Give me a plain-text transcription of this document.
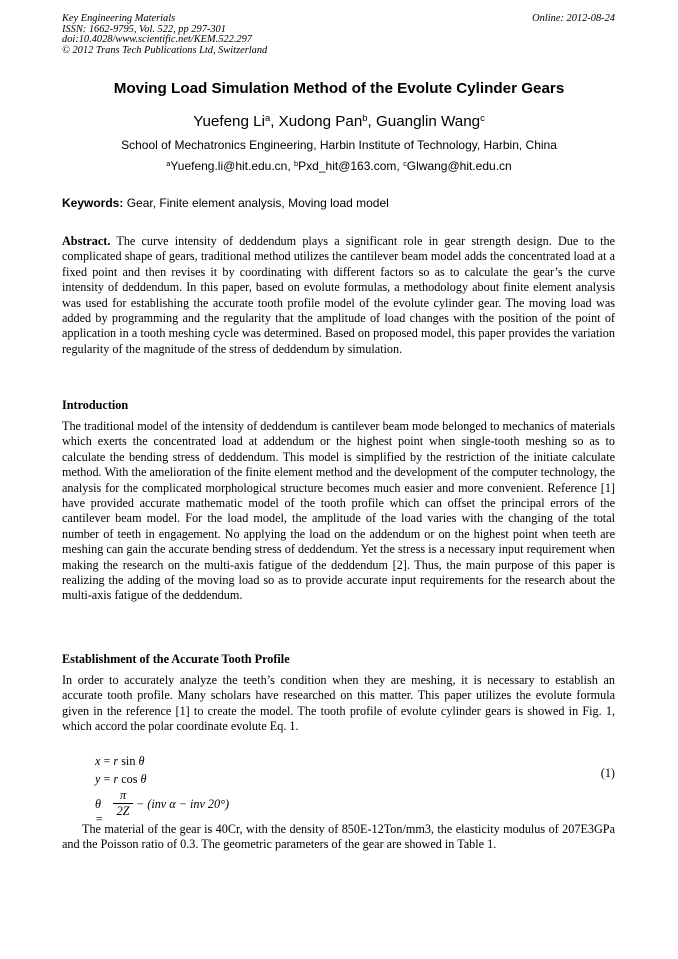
Key Engineering Materials
ISSN: 1662-9795, Vol. 522, pp 297-301
doi:10.4028/www.scientific.net/KEM.522.297
© 2012 Trans Tech Publications Ltd, Switzerland
Online: 2012-08-24
Moving Load Simulation Method of the Evolute Cylinder Gears
Yuefeng Li$^a$, Xudong Pan$^b$, Guanglin Wang$^c$
School of Mechatronics Engineering, Harbin Institute of Technology, Harbin, China
$^a$Yuefeng.li@hit.edu.cn, $^b$Pxd_hit@163.com, $^c$Glwang@hit.edu.cn
Keywords: Gear, Finite element analysis, Moving load model
Abstract. The curve intensity of deddendum plays a significant role in gear strength design. Due to the complicated shape of gears, traditional method utilizes the cantilever beam model adds the concentrated load at a fixed point and then revises it by coordinating with different factors so as to calculate the gear’s the curve intensity of deddendum. In this paper, based on evolute formulas, a methodology about finite element analysis was used for establishing the accurate tooth profile model of the evolute cylinder gear. The moving load was added by programming and the regularity that the amplitude of load changes with the position of the point of application in a tooth meshing cycle was determined. Based on proposed model, this paper provides the variation regularity of the magnitude of the stress of deddendum by simulation.
Introduction
The traditional model of the intensity of deddendum is cantilever beam mode belonged to mechanics of materials which exerts the concentrated load at addendum or the highest point when single-tooth meshing so as to calculate the bending stress of deddendum. This model is simplified by the restriction of the initiate calculate method. With the amelioration of the finite element method and the development of the computer technology, the analysis for the complicated morphological structure becomes much easier and more convenient. Reference [1] have provided accurate mathematic model of the tooth profile which can offset the principal errors of the cantilever beam model. For the load model, the amplitude of the load varies with the changing of the total number of teeth in engagement. No applying the load on the addendum or on the highest point when teeth are meshing can gain the accurate bending stress of deddendum. Yet the stress is a necessary input requirement when making the research on the multi-axis fatigue of the deddendum [2]. Thus, the main purpose of this paper is realizing the adding of the moving load so as to provide accurate input requirements for the research about the multi-axis fatigue of the deddendum.
Establishment of the Accurate Tooth Profile
In order to accurately analyze the teeth’s condition when they are meshing, it is necessary to establish an accurate tooth profile. Many scholars have researched on this matter. This paper utilizes the evolute formula given in the reference [1] to create the model. The tooth profile of evolute cylinder gears is showed in Fig. 1, which accord the polar coordinate evolute Eq. 1.
x = r sin θ
y = r cos θ	(1)
θ =
π
2Z − (inv α − inv 20°)
The material of the gear is 40Cr, with the density of 850E-12Ton/mm3, the elasticity modulus of 207E3GPa and the Poisson ratio of 0.3. The geometric parameters of the gear are showed in Table 1.
